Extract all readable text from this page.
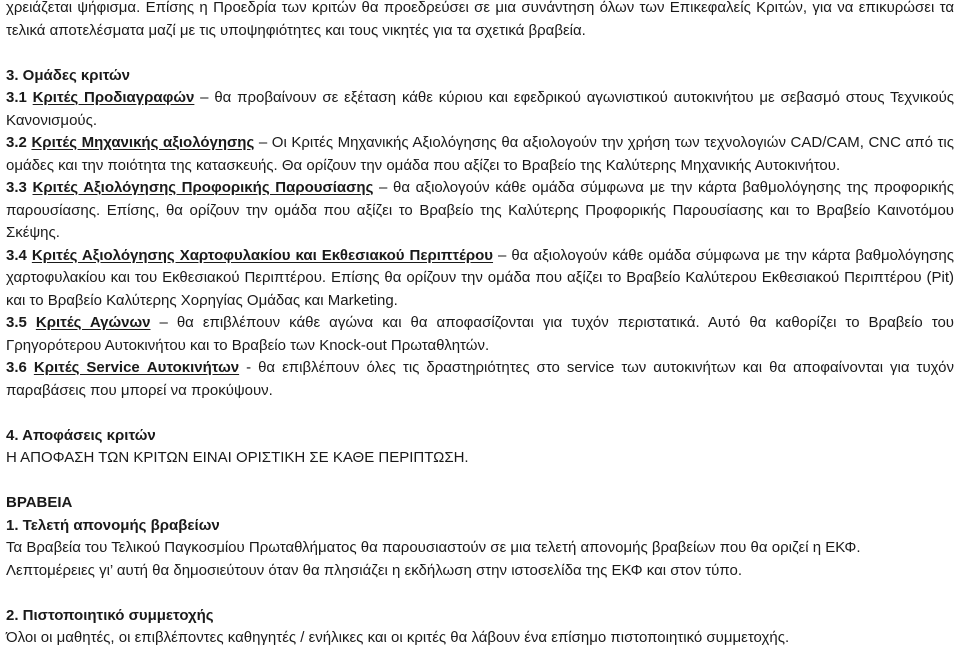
χρειάζεται ψήφισμα. Επίσης η Προεδρία των κριτών θα προεδρεύσει σε μια συνάντηση όλων των Επικεφαλείς Κριτών, για να επικυρώσει τα τελικά αποτελέσματα μαζί με τις υποψηφιότητες και τους νικητές για τα σχετικά βραβεία.

3. Ομάδες κριτών

3.1 Κριτές Προδιαγραφών – θα προβαίνουν σε εξέταση κάθε κύριου και εφεδρικού αγωνιστικού αυτοκινήτου με σεβασμό στους Τεχνικούς Κανονισμούς.

3.2 Κριτές Μηχανικής αξιολόγησης – Οι Κριτές Μηχανικής Αξιολόγησης θα αξιολογούν την χρήση των τεχνολογιών CAD/CAM, CNC από τις ομάδες και την ποιότητα της κατασκευής. Θα ορίζουν την ομάδα που αξίζει το Βραβείο της Καλύτερης Μηχανικής Αυτοκινήτου.

3.3 Κριτές Αξιολόγησης Προφορικής Παρουσίασης – θα αξιολογούν κάθε ομάδα σύμφωνα με την κάρτα βαθμολόγησης της προφορικής παρουσίασης. Επίσης, θα ορίζουν την ομάδα που αξίζει το Βραβείο της Καλύτερης Προφορικής Παρουσίασης και το Βραβείο Καινοτόμου Σκέψης.

3.4 Κριτές Αξιολόγησης Χαρτοφυλακίου και Εκθεσιακού Περιπτέρου – θα αξιολογούν κάθε ομάδα σύμφωνα με την κάρτα βαθμολόγησης χαρτοφυλακίου και του Εκθεσιακού Περιπτέρου. Επίσης θα ορίζουν την ομάδα που αξίζει το Βραβείο Καλύτερου Εκθεσιακού Περιπτέρου (Pit) και το Βραβείο Καλύτερης Χορηγίας Ομάδας και Marketing.

3.5 Κριτές Αγώνων – θα επιβλέπουν κάθε αγώνα και θα αποφασίζονται για τυχόν περιστατικά. Αυτό θα καθορίζει το Βραβείο του Γρηγορότερου Αυτοκινήτου και το Βραβείο των Knock-out Πρωταθλητών.

3.6 Κριτές Service Αυτοκινήτων - θα επιβλέπουν όλες τις δραστηριότητες στο service των αυτοκινήτων και θα αποφαίνονται για τυχόν παραβάσεις που μπορεί να προκύψουν.

4. Αποφάσεις κριτών

Η ΑΠΟΦΑΣΗ ΤΩΝ ΚΡΙΤΩΝ ΕΙΝΑΙ ΟΡΙΣΤΙΚΗ ΣΕ ΚΑΘΕ ΠΕΡΙΠΤΩΣΗ.

ΒΡΑΒΕΙΑ

1. Τελετή απονομής βραβείων

Τα Βραβεία του Τελικού Παγκοσμίου Πρωταθλήματος θα παρουσιαστούν σε μια τελετή απονομής βραβείων που θα οριζεί η ΕΚΦ.

Λεπτομέρειες γι’ αυτή θα δημοσιεύτουν όταν θα πλησιάζει η εκδήλωση στην ιστοσελίδα της ΕΚΦ και στον τύπο.

2. Πιστοποιητικό συμμετοχής

Όλοι οι μαθητές, οι επιβλέποντες καθηγητές / ενήλικες και οι κριτές θα λάβουν ένα επίσημο πιστοποιητικό συμμετοχής.
